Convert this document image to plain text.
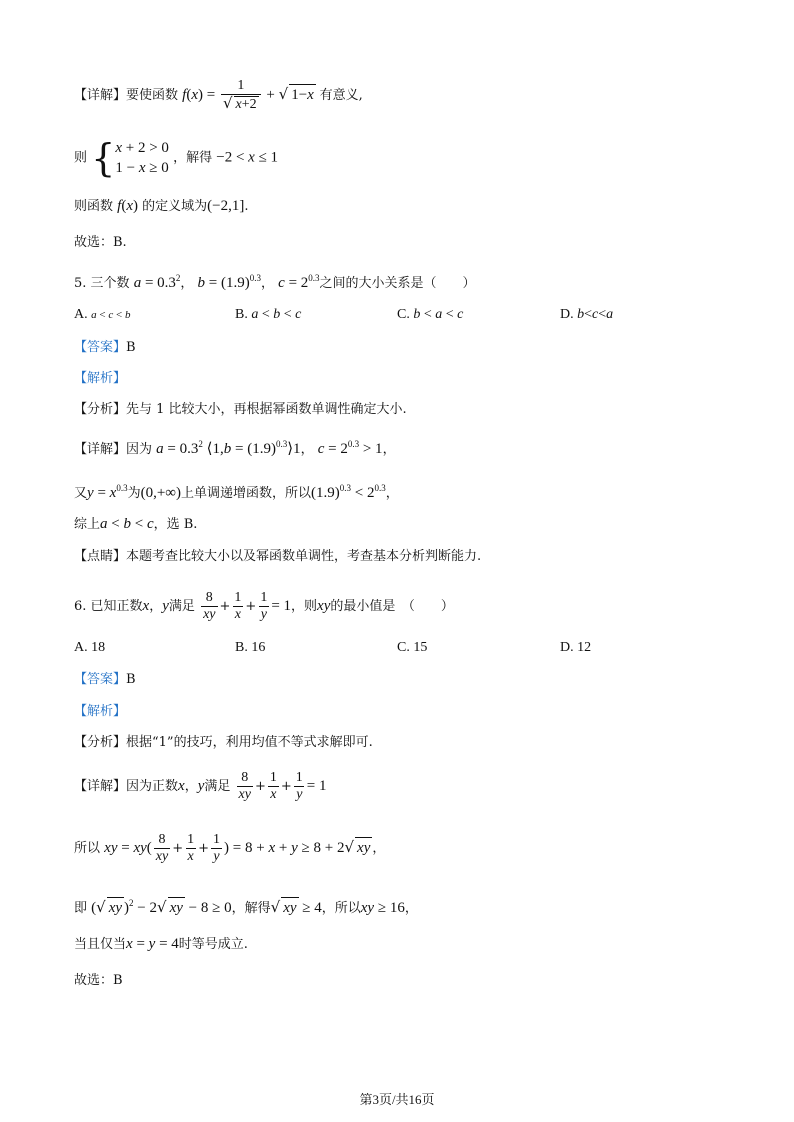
【详解】要使函数 $f(x) = \frac{1}{√ x+2}$ + √ 1−x 有意义,
则 { x + 2 > 0
1 − x ≥ 0
，解得 −2 < x ≤ 1
则函数 f(x) 的定义域为(−2,1].
故选：B.
5. 三个数 $a = 0.3^2$， $b = (1.9)^{0.3}$， $c = 2^{0.3}$之间的大小关系是（　　）
A. a < c < b	B. a < b < c	C. b < a < c	D. b<c<a
【答案】B
【解析】
【分析】先与 1 比较大小，再根据幂函数单调性确定大小.
【详解】因为 $a = 0.3^2$ ⟨1,b = $(1.9)^{0.3}⟩1$， $c = 2^{0.3} > 1$，
又$y = x^{0.3}$为(0,+∞)上单调递增函数，所以$(1.9)^{0.3} < 2^{0.3}$，
综上a < b < c，选 B.
【点睛】本题考查比较大小以及幂函数单调性，考查基本分析判断能力.
6. 已知正数x，y满足 $\frac{8}{xy} + \frac{1}{x} + \frac{1}{y} = 1$，则xy的最小值是　（　　）
A. 18	B. 16	C. 15	D. 12
【答案】B
【解析】
【分析】根据“1”的技巧，利用均值不等式求解即可.
【详解】因为正数x，y满足 $\frac{8}{xy} + \frac{1}{x} + \frac{1}{y} = 1$
所以 xy = $xy( \frac{8}{xy} + \frac{1}{x} + \frac{1}{y}$ ) = 8 + x + y ≥ 8 + 2√ xy ，
即 (√ xy )$^2$ − 2√ xy − 8 ≥ 0，解得√ xy ≥ 4，所以xy ≥ 16，
当且仅当x = y = 4时等号成立.
故选：B
第3页/共16页
